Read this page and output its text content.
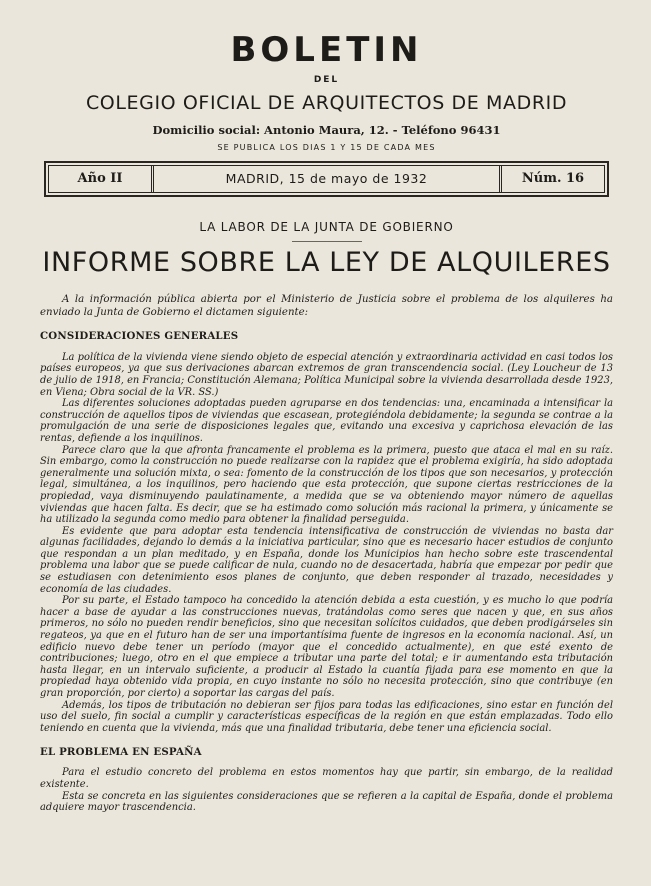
BOLETIN
DEL
COLEGIO OFICIAL DE ARQUITECTOS DE MADRID
Domicilio social: Antonio Maura, 12. - Teléfono 96431
SE PUBLICA LOS DIAS 1 Y 15 DE CADA MES
Año II	MADRID, 15 de mayo de 1932	Núm. 16
LA LABOR DE LA JUNTA DE GOBIERNO
INFORME SOBRE LA LEY DE ALQUILERES

A la información pública abierta por el Ministerio de Justicia sobre el problema de los alquileres ha enviado la Junta de Gobierno el dictamen siguiente:

CONSIDERACIONES GENERALES

La política de la vivienda viene siendo objeto de especial atención y extraordinaria actividad en casi todos los países europeos, ya que sus derivaciones abarcan extremos de gran transcendencia social. (Ley Loucheur de 13 de julio de 1918, en Francia; Constitución Alemana; Política Municipal sobre la vivienda desarrollada desde 1923, en Viena; Obra social de la VR. SS.)

Las diferentes soluciones adoptadas pueden agruparse en dos tendencias: una, encaminada a intensificar la construcción de aquellos tipos de viviendas que escasean, protegiéndola debidamente; la segunda se contrae a la promulgación de una serie de disposiciones legales que, evitando una excesiva y caprichosa elevación de las rentas, defiende a los inquilinos.

Parece claro que la que afronta francamente el problema es la primera, puesto que ataca el mal en su raíz. Sin embargo, como la construcción no puede realizarse con la rapidez que el problema exigiría, ha sido adoptada generalmente una solución mixta, o sea: fomento de la construcción de los tipos que son necesarios, y protección legal, simultánea, a los inquilinos, pero haciendo que esta protección, que supone ciertas restricciones de la propiedad, vaya disminuyendo paulatinamente, a medida que se va obteniendo mayor número de aquellas viviendas que hacen falta. Es decir, que se ha estimado como solución más racional la primera, y únicamente se ha utilizado la segunda como medio para obtener la finalidad perseguida.

Es evidente que para adoptar esta tendencia intensificativa de construcción de viviendas no basta dar algunas facilidades, dejando lo demás a la iniciativa particular, sino que es necesario hacer estudios de conjunto que respondan a un plan meditado, y en España, donde los Municipios han hecho sobre este trascendental problema una labor que se puede calificar de nula, cuando no de desacertada, habría que empezar por pedir que se estudiasen con detenimiento esos planes de conjunto, que deben responder al trazado, necesidades y economía de las ciudades.

Por su parte, el Estado tampoco ha concedido la atención debida a esta cuestión, y es mucho lo que podría hacer a base de ayudar a las construcciones nuevas, tratándolas como seres que nacen y que, en sus años primeros, no sólo no pueden rendir beneficios, sino que necesitan solícitos cuidados, que deben prodigárseles sin regateos, ya que en el futuro han de ser una importantísima fuente de ingresos en la economía nacional. Así, un edificio nuevo debe tener un período (mayor que el concedido actualmente), en que esté exento de contribuciones; luego, otro en el que empiece a tributar una parte del total; e ir aumentando esta tributación hasta llegar, en un intervalo suficiente, a producir al Estado la cuantía fijada para ese momento en que la propiedad haya obtenido vida propia, en cuyo instante no sólo no necesita protección, sino que contribuye (en gran proporción, por cierto) a soportar las cargas del país.

Además, los tipos de tributación no debieran ser fijos para todas las edificaciones, sino estar en función del uso del suelo, fin social a cumplir y características específicas de la región en que están emplazadas. Todo ello teniendo en cuenta que la vivienda, más que una finalidad tributaria, debe tener una eficiencia social.

EL PROBLEMA EN ESPAÑA

Para el estudio concreto del problema en estos momentos hay que partir, sin embargo, de la realidad existente.

Esta se concreta en las siguientes consideraciones que se refieren a la capital de España, donde el problema adquiere mayor trascendencia.
